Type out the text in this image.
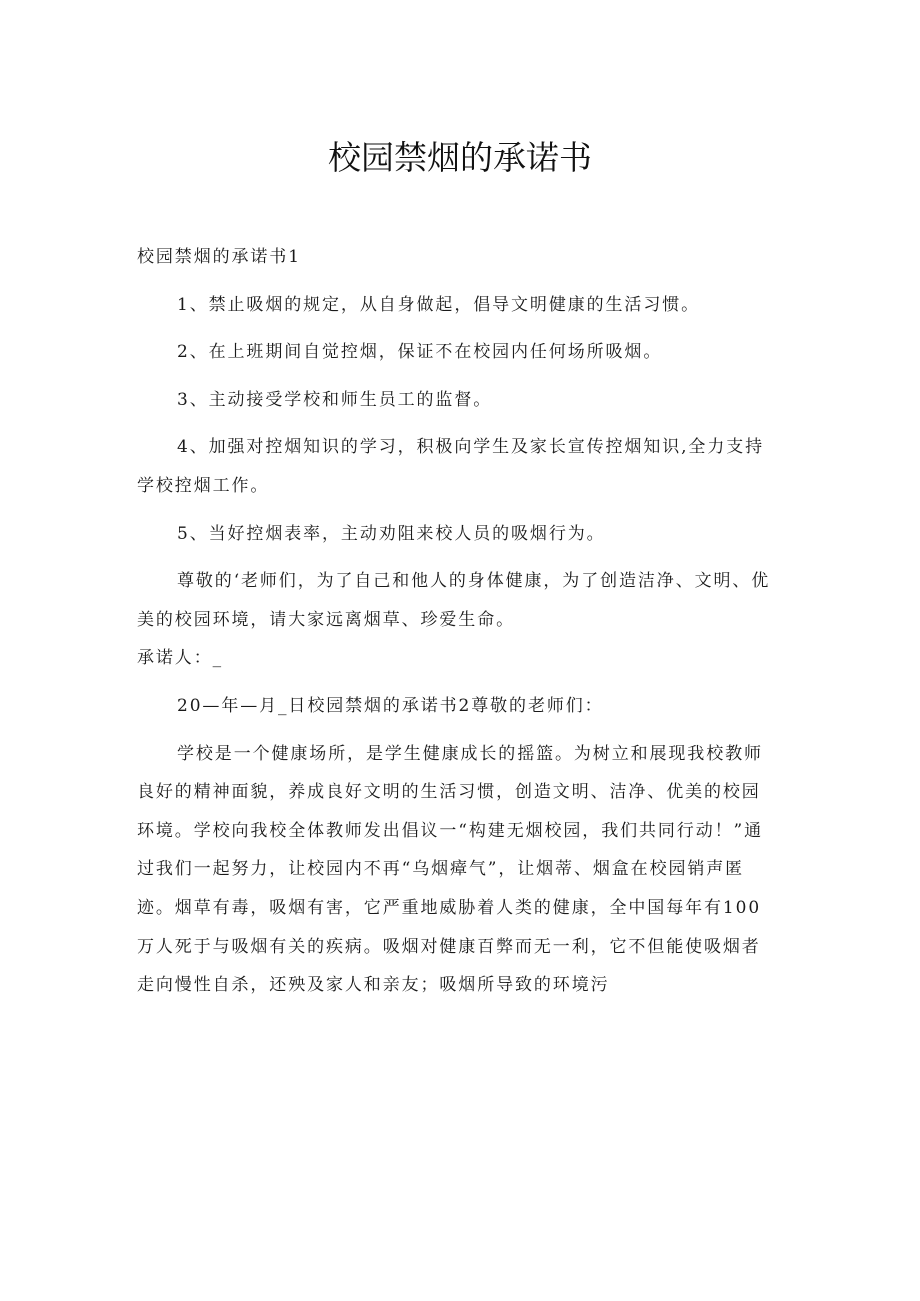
校园禁烟的承诺书

校园禁烟的承诺书1

1、禁止吸烟的规定，从自身做起，倡导文明健康的生活习惯。

2、在上班期间自觉控烟，保证不在校园内任何场所吸烟。

3、主动接受学校和师生员工的监督。

4、加强对控烟知识的学习，积极向学生及家长宣传控烟知识,全力支持学校控烟工作。

5、当好控烟表率，主动劝阻来校人员的吸烟行为。

尊敬的‘老师们，为了自己和他人的身体健康，为了创造洁净、文明、优美的校园环境，请大家远离烟草、珍爱生命。

承诺人：_

20—年—月_日校园禁烟的承诺书2尊敬的老师们：

学校是一个健康场所，是学生健康成长的摇篮。为树立和展现我校教师良好的精神面貌，养成良好文明的生活习惯，创造文明、洁净、优美的校园环境。学校向我校全体教师发出倡议一“构建无烟校园，我们共同行动！”通过我们一起努力，让校园内不再“乌烟瘴气”，让烟蒂、烟盒在校园销声匿迹。烟草有毒，吸烟有害，它严重地威胁着人类的健康，全中国每年有100万人死于与吸烟有关的疾病。吸烟对健康百弊而无一利，它不但能使吸烟者走向慢性自杀，还殃及家人和亲友；吸烟所导致的环境污
